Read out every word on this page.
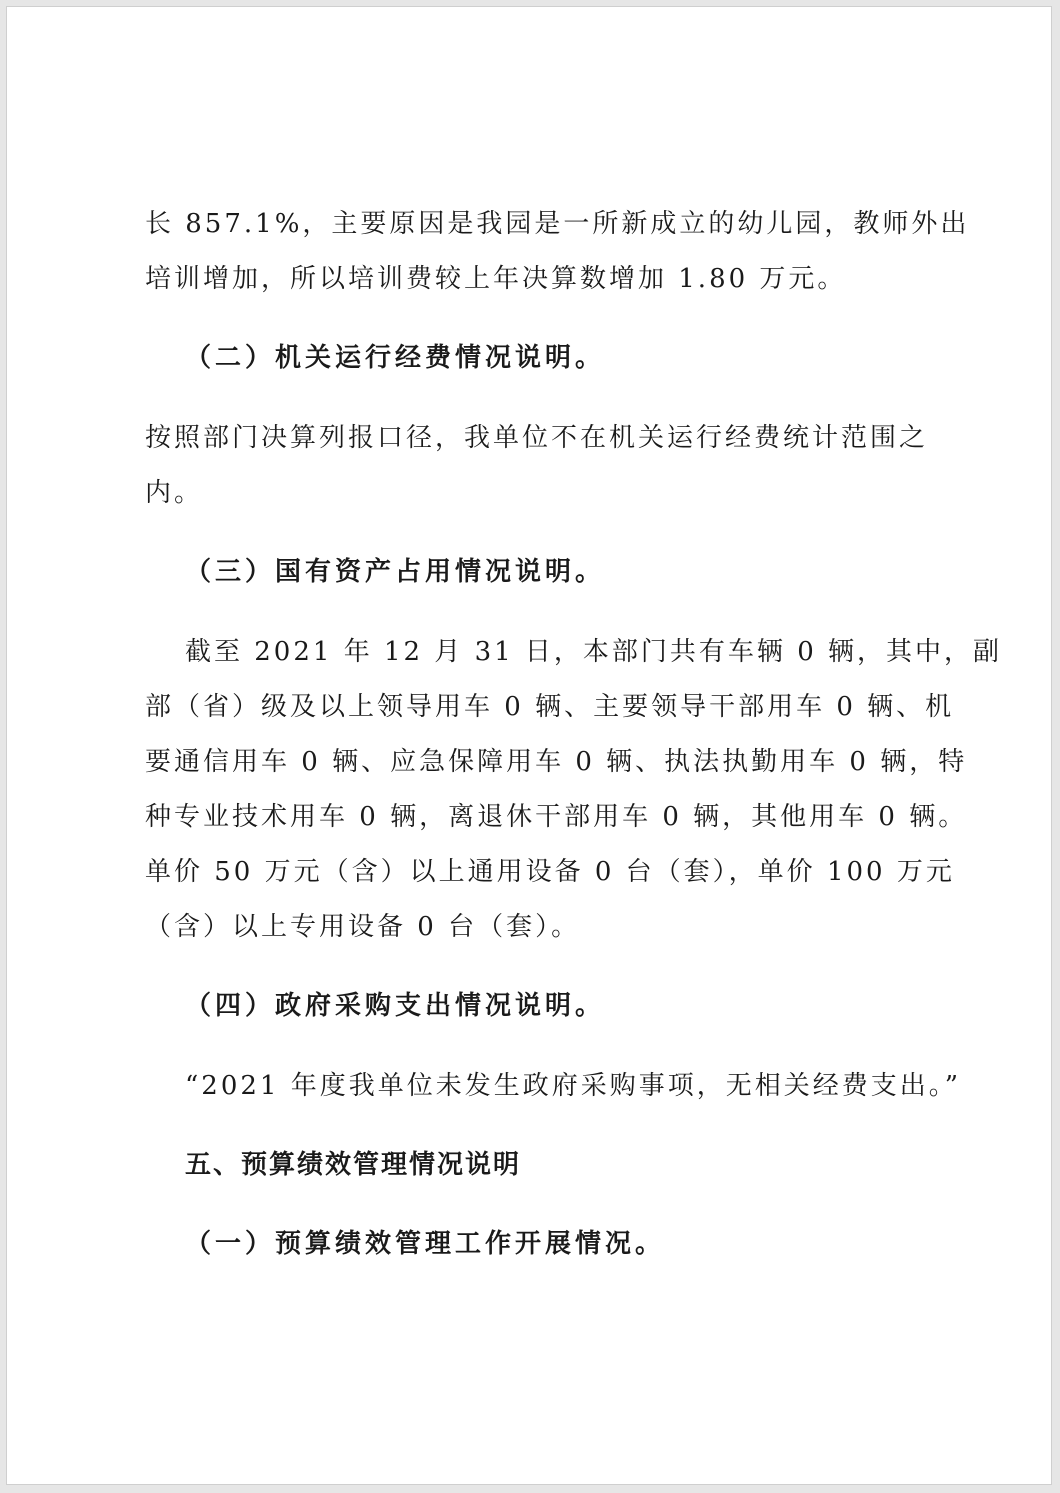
长 857.1%，主要原因是我园是一所新成立的幼儿园，教师外出
培训增加，所以培训费较上年决算数增加 1.80 万元。
（二）机关运行经费情况说明。
按照部门决算列报口径，我单位不在机关运行经费统计范围之
内。
（三）国有资产占用情况说明。
截至 2021 年 12 月 31 日，本部门共有车辆 0 辆，其中，副
部（省）级及以上领导用车 0 辆、主要领导干部用车 0 辆、机
要通信用车 0 辆、应急保障用车 0 辆、执法执勤用车 0 辆，特
种专业技术用车 0 辆，离退休干部用车 0 辆，其他用车 0 辆。
单价 50 万元（含）以上通用设备 0 台（套），单价 100 万元
（含）以上专用设备 0 台（套）。
（四）政府采购支出情况说明。
“2021 年度我单位未发生政府采购事项，无相关经费支出。”
五、预算绩效管理情况说明
（一）预算绩效管理工作开展情况。
